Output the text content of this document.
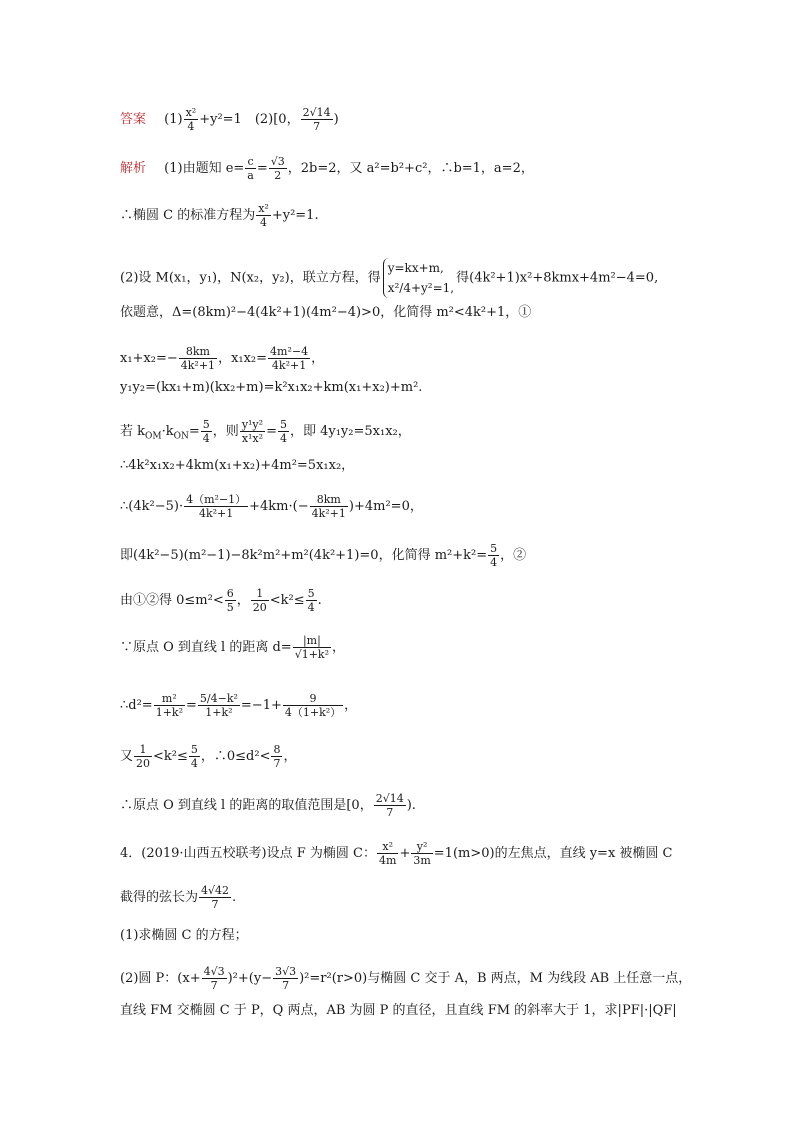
答案 $(1) \frac{\text{x²}}{4} +y^2=1$　(2)[0， $\frac{2√14}{7}$ )
解析 (1)由题知 $e= \frac{c}{a} = \frac{√3}{2}$ ，2b=2，又 a²=b²+c²，∴b=1，a=2，
∴椭圆 C 的标准方程为 $\frac{\text{x²}}{4} +y^2=1$.
(2)设 M(x₁，y₁)，N(x₂，y₂)，联立方程，得
y=kx+m,
x²/4+y²=1,
得(4k²+1)x²+8kmx+4m²−4=0,
依题意，Δ=(8km)²−4(4k²+1)(4m²−4)>0，化简得 m²<4k²+1，①
$x_1+x_2=- \frac{8km}{\text{4k²+1}}$ ，$x_1x_2= \frac{\text{4m²−4}}{\text{4k²+1}}$ ，
y₁y₂=(kx₁+m)(kx₂+m)=k²x₁x₂+km(x₁+x₂)+m².
若 $k_{OM}\cdot k_{ON}= \frac{5}{4}$ ，则 $\frac{\text{y¹y²}}{\text{x¹x²}} = \frac{5}{4}$ ，即 4y₁y₂=5x₁x₂，
∴4k²x₁x₂+4km(x₁+x₂)+4m²=5x₁x₂，
∴(4k²−5)· $\frac{\text{4（m²−1）}}{\text{4k²+1}} +4km\cdot(- \frac{8km}{\text{4k²+1}} )+4m^2=0$，
即(4k²−5)(m²−1)−8k²m²+m²(4k²+1)=0，化简得 $m^2+k^2= \frac{5}{4}$ ，②
由①②得 $0\le m^2< \frac{6}{5}$ ， $\frac{1}{20} <k^2\le \frac{5}{4}$ .
∵原点 O 到直线 l 的距离 $d= \frac{|m|}{\text{√1+k²}}$ ，
∴d²= $\frac{\text{m²}}{\text{1+k²}} = \frac{\text{5/4−k²}}{\text{1+k²}} =-1+ \frac{9}{\text{4（1+k²）}}$ ，
又 $\frac{1}{20} <k^2\le \frac{5}{4}$ ，∴0≤d²< $\frac{8}{7}$ ，
∴原点 O 到直线 l 的距离的取值范围是[0， $\frac{2√14}{7}$ ).
4．(2019·山西五校联考)设点 F 为椭圆 C： $\frac{\text{x²}}{4m} + \frac{\text{y²}}{3m} =1(m>0)$的左焦点，直线 y=x 被椭圆 C
截得的弦长为 $\frac{4√42}{7}$ .
(1)求椭圆 C 的方程；
(2)圆 P：$(x+ \frac{4√3}{7} )^2+(y- \frac{3√3}{7} )^2=r^2(r>0)$与椭圆 C 交于 A，B 两点，M 为线段 AB 上任意一点，
直线 FM 交椭圆 C 于 P，Q 两点，AB 为圆 P 的直径，且直线 FM 的斜率大于 1，求|PF|·|QF|
